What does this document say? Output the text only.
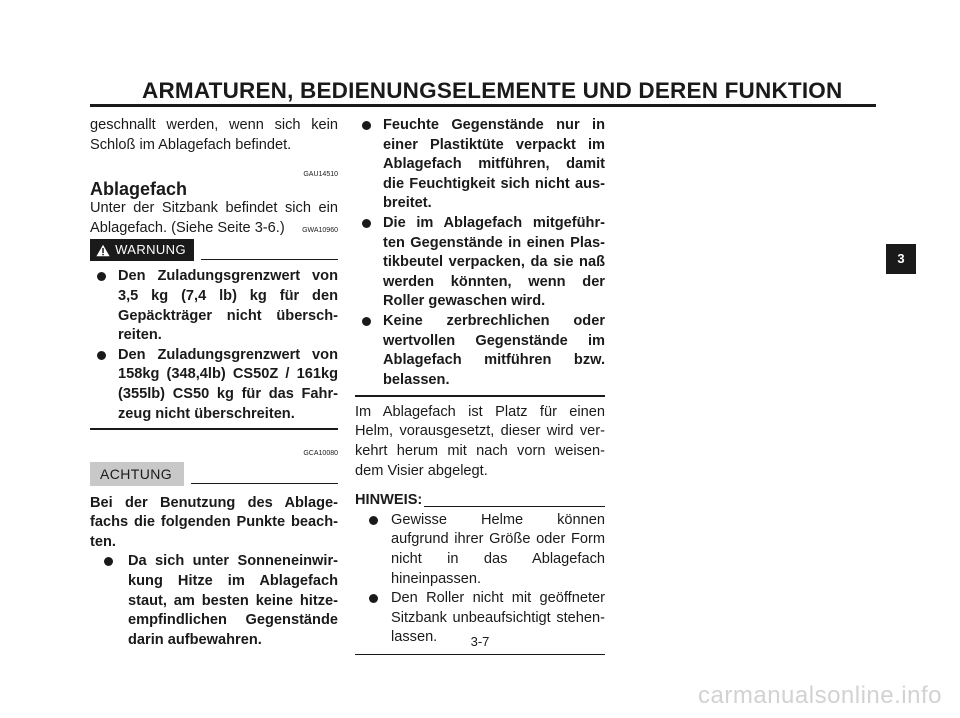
ARMATUREN, BEDIENUNGSELEMENTE UND DEREN FUNKTION

geschnallt werden, wenn sich kein Schloß im Ablagefach befindet.

GAU14510
Ablagefach

Unter der Sitzbank befindet sich ein Ablagefach. (Siehe Seite 3-6.)	GWA10960
WARNUNG
Den Zuladungsgrenzwert von 3,5 kg (7,4 lb) kg für den Gepäckträger nicht übersch-reiten.
Den Zuladungsgrenzwert von 158kg (348,4lb) CS50Z / 161kg (355lb) CS50 kg für das Fahr-zeug nicht überschreiten.
GCA10080
ACHTUNG

Bei der Benutzung des Ablage-fachs die folgenden Punkte beach-ten.

Da sich unter Sonneneinwir-kung Hitze im Ablagefach staut, am besten keine hitze-empfindlichen Gegenstände darin aufbewahren.
Feuchte Gegenstände nur in einer Plastiktüte verpackt im Ablagefach mitführen, damit die Feuchtigkeit sich nicht aus-breitet.
Die im Ablagefach mitgeführ-ten Gegenstände in einen Plas-tikbeutel verpacken, da sie naß werden könnten, wenn der Roller gewaschen wird.
Keine zerbrechlichen oder wertvollen Gegenstände im Ablagefach mitführen bzw. belassen.

Im Ablagefach ist Platz für einen Helm, vorausgesetzt, dieser wird ver-kehrt herum mit nach vorn weisen-dem Visier abgelegt.

HINWEIS:
Gewisse Helme können aufgrund ihrer Größe oder Form nicht in das Ablagefach hineinpassen.
Den Roller nicht mit geöffneter Sitzbank unbeaufsichtigt stehen-lassen.
3
3-7
carmanualsonline.info
